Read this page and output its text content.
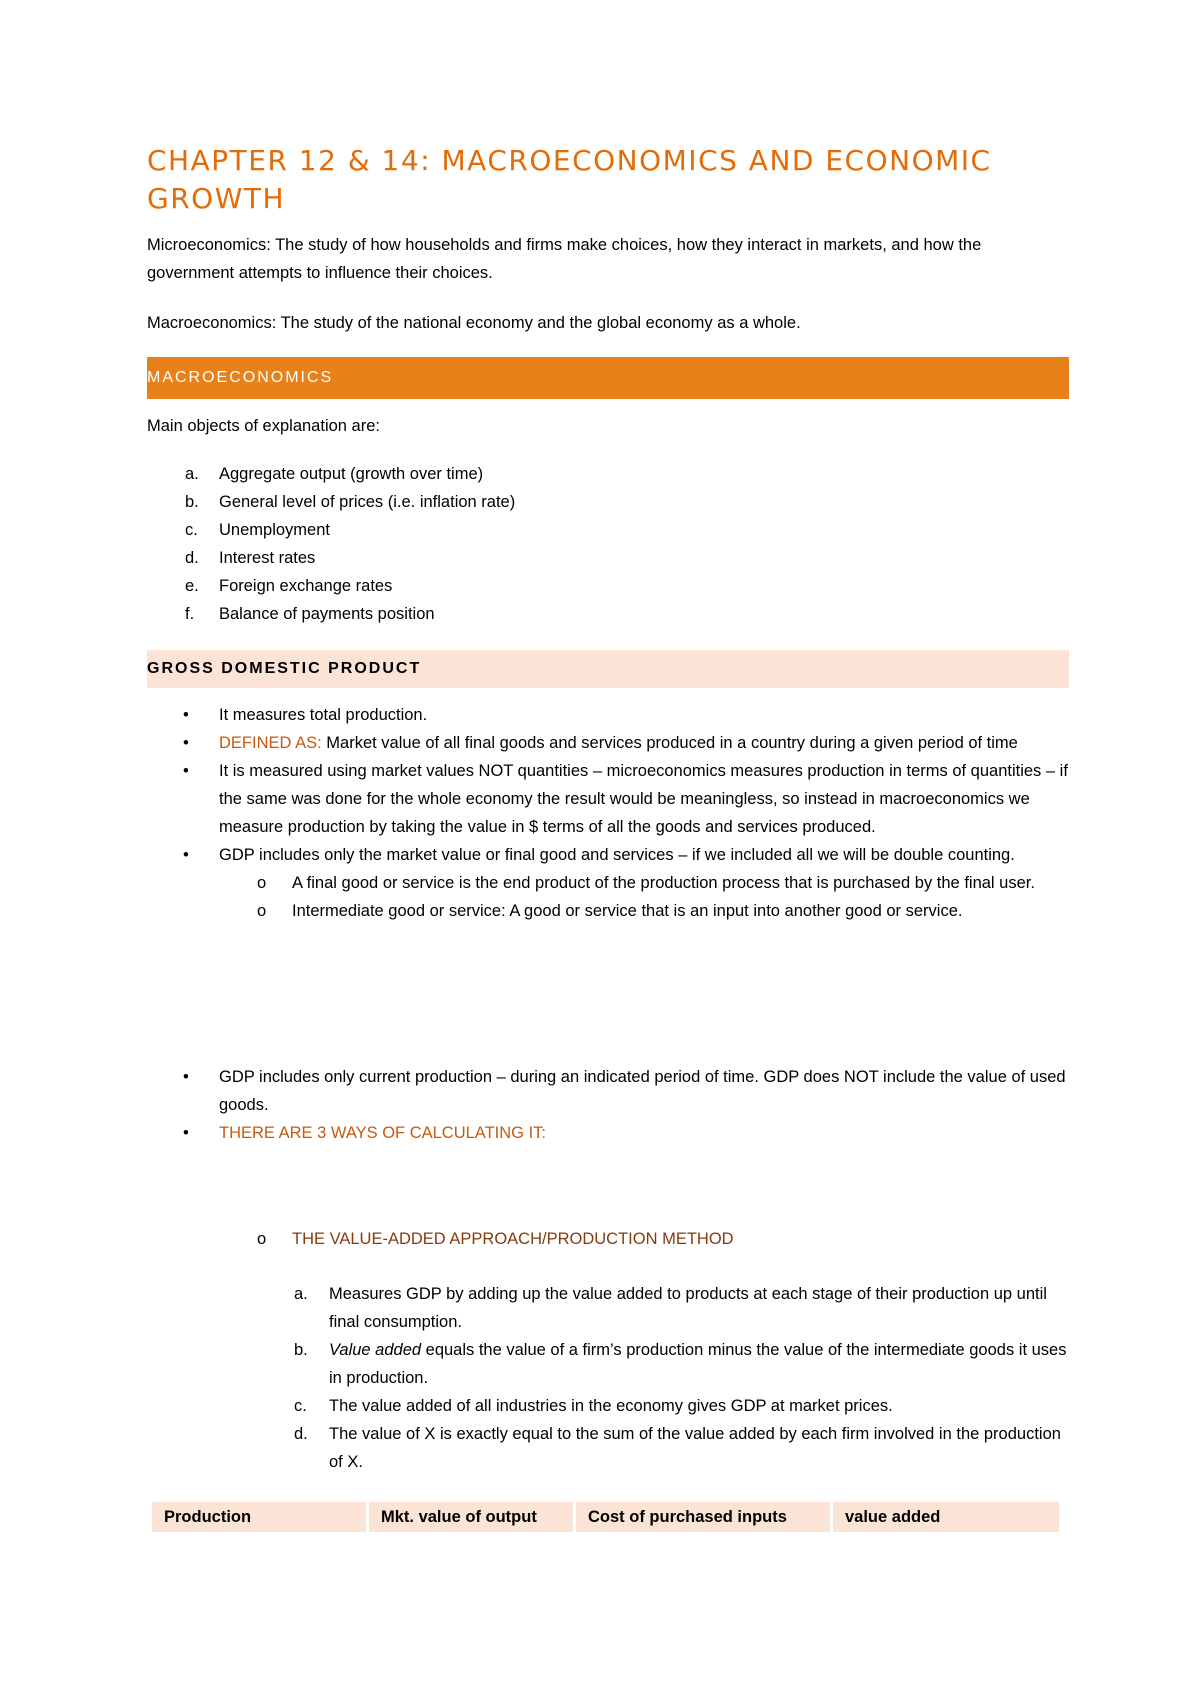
CHAPTER 12 & 14: MACROECONOMICS AND ECONOMIC GROWTH
Microeconomics: The study of how households and firms make choices, how they interact in markets, and how the government attempts to influence their choices.
Macroeconomics: The study of the national economy and the global economy as a whole.
MACROECONOMICS
Main objects of explanation are:
a. Aggregate output (growth over time)
b. General level of prices (i.e. inflation rate)
c. Unemployment
d. Interest rates
e. Foreign exchange rates
f. Balance of payments position
GROSS DOMESTIC PRODUCT
• It measures total production.
• DEFINED AS: Market value of all final goods and services produced in a country during a given period of time
• It is measured using market values NOT quantities – microeconomics measures production in terms of quantities – if the same was done for the whole economy the result would be meaningless, so instead in macroeconomics we measure production by taking the value in $ terms of all the goods and services produced.
• GDP includes only the market value or final good and services – if we included all we will be double counting.
o A final good or service is the end product of the production process that is purchased by the final user.
o Intermediate good or service: A good or service that is an input into another good or service.
• GDP includes only current production – during an indicated period of time. GDP does NOT include the value of used goods.
• THERE ARE 3 WAYS OF CALCULATING IT:
o THE VALUE-ADDED APPROACH/PRODUCTION METHOD
a. Measures GDP by adding up the value added to products at each stage of their production up until final consumption.
b. Value added equals the value of a firm’s production minus the value of the intermediate goods it uses in production.
c. The value added of all industries in the economy gives GDP at market prices.
d. The value of X is exactly equal to the sum of the value added by each firm involved in the production of X.
Production	Mkt. value of output	Cost of purchased inputs	value added
